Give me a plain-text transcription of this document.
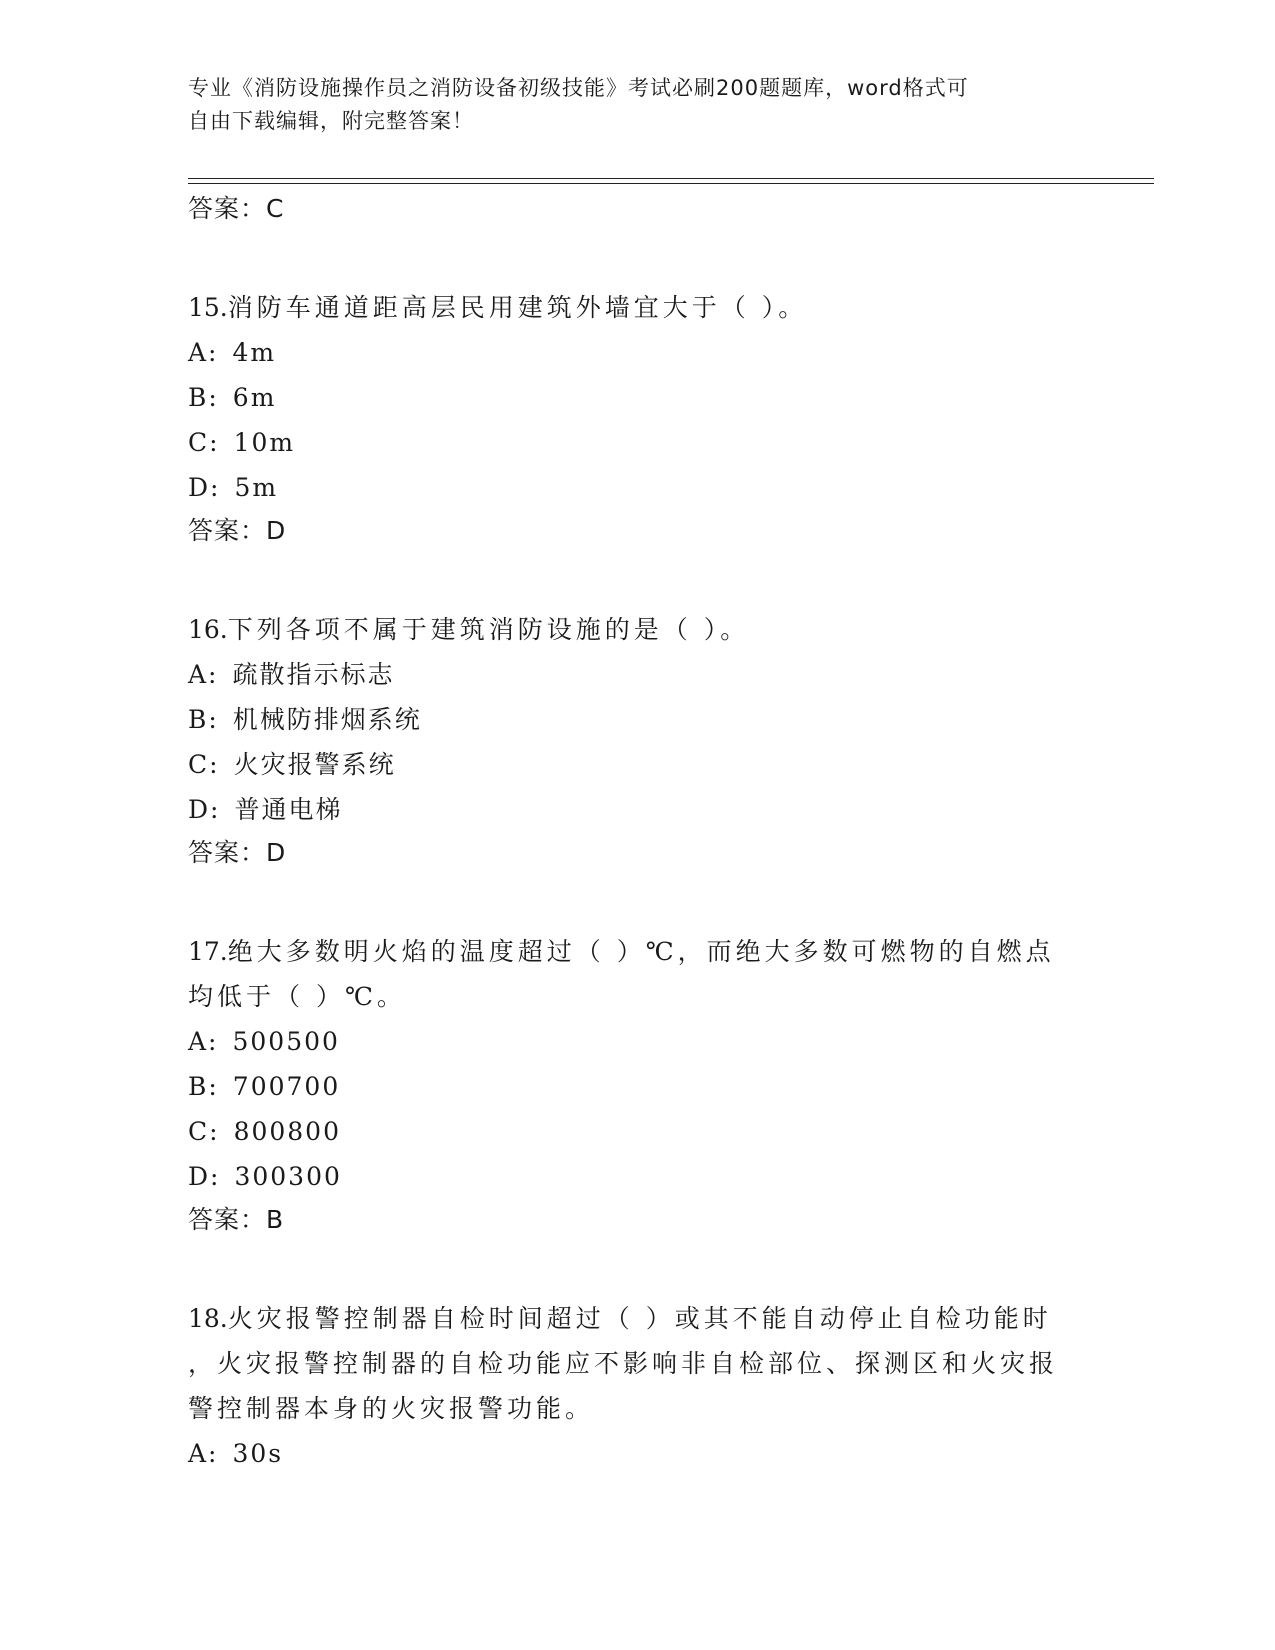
专业《消防设施操作员之消防设备初级技能》考试必刷200题题库，word格式可
自由下载编辑，附完整答案！
答案：C
15.消防车通道距高层民用建筑外墙宜大于（ ）。
A: 4m
B: 6m
C: 10m
D: 5m
答案：D
16.下列各项不属于建筑消防设施的是（ ）。
A: 疏散指示标志
B: 机械防排烟系统
C: 火灾报警系统
D: 普通电梯
答案：D
17.绝大多数明火焰的温度超过（ ）℃，而绝大多数可燃物的自燃点
均低于（ ）℃。
A: 500500
B: 700700
C: 800800
D: 300300
答案：B
18.火灾报警控制器自检时间超过（ ）或其不能自动停止自检功能时
，火灾报警控制器的自检功能应不影响非自检部位、探测区和火灾报
警控制器本身的火灾报警功能。
A: 30s
